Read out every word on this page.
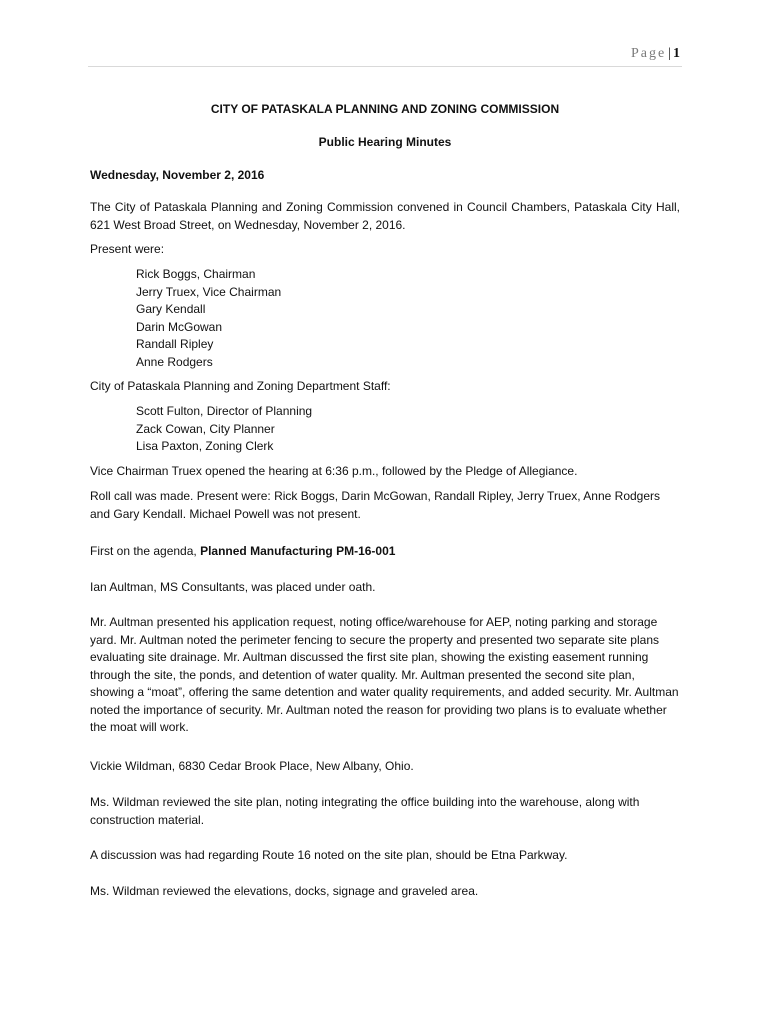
Page | 1

CITY OF PATASKALA PLANNING AND ZONING COMMISSION

Public Hearing Minutes

Wednesday, November 2, 2016

The City of Pataskala Planning and Zoning Commission convened in Council Chambers, Pataskala City Hall, 621 West Broad Street, on Wednesday, November 2, 2016.

Present were:

Rick Boggs, Chairman
Jerry Truex, Vice Chairman
Gary Kendall
Darin McGowan
Randall Ripley
Anne Rodgers

City of Pataskala Planning and Zoning Department Staff:

Scott Fulton, Director of Planning
Zack Cowan, City Planner
Lisa Paxton, Zoning Clerk

Vice Chairman Truex opened the hearing at 6:36 p.m., followed by the Pledge of Allegiance.

Roll call was made. Present were: Rick Boggs, Darin McGowan, Randall Ripley, Jerry Truex, Anne Rodgers and Gary Kendall. Michael Powell was not present.

First on the agenda, Planned Manufacturing PM-16-001

Ian Aultman, MS Consultants, was placed under oath.

Mr. Aultman presented his application request, noting office/warehouse for AEP, noting parking and storage yard. Mr. Aultman noted the perimeter fencing to secure the property and presented two separate site plans evaluating site drainage. Mr. Aultman discussed the first site plan, showing the existing easement running through the site, the ponds, and detention of water quality. Mr. Aultman presented the second site plan, showing a “moat”, offering the same detention and water quality requirements, and added security. Mr. Aultman noted the importance of security. Mr. Aultman noted the reason for providing two plans is to evaluate whether the moat will work.

Vickie Wildman, 6830 Cedar Brook Place, New Albany, Ohio.

Ms. Wildman reviewed the site plan, noting integrating the office building into the warehouse, along with construction material.

A discussion was had regarding Route 16 noted on the site plan, should be Etna Parkway.

Ms. Wildman reviewed the elevations, docks, signage and graveled area.
